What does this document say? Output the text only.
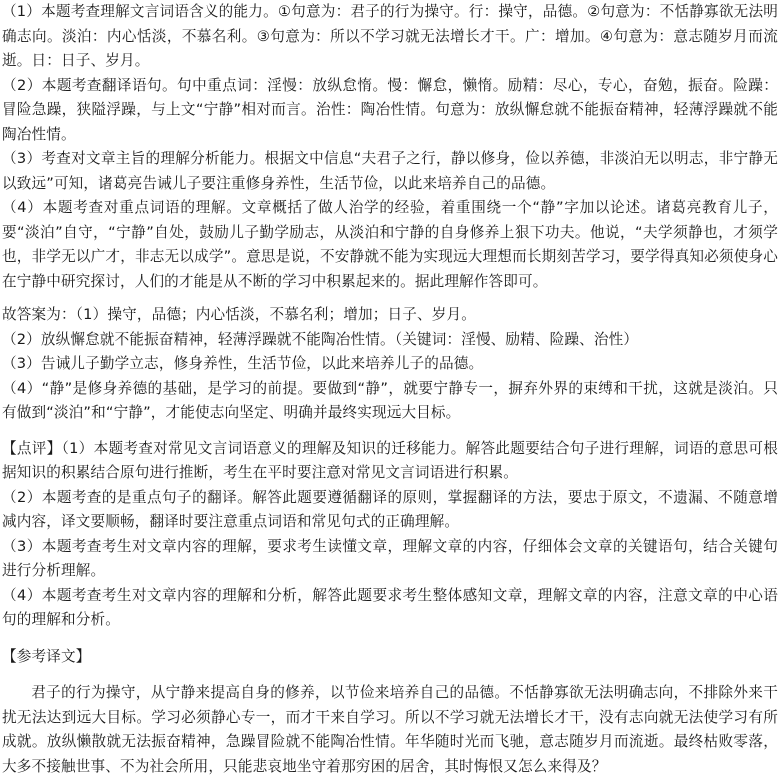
（1）本题考查理解文言词语含义的能力。①句意为：君子的行为操守。行：操守，品德。②句意为：不恬静寡欲无法明确志向。淡泊：内心恬淡，不慕名利。③句意为：所以不学习就无法增长才干。广：增加。④句意为：意志随岁月而流逝。日：日子、岁月。

（2）本题考查翻译语句。句中重点词：淫慢：放纵怠惰。慢：懈怠，懒惰。励精：尽心，专心，奋勉，振奋。险躁：冒险急躁，狭隘浮躁，与上文“宁静”相对而言。治性：陶冶性情。句意为：放纵懈怠就不能振奋精神，轻薄浮躁就不能陶冶性情。

（3）考查对文章主旨的理解分析能力。根据文中信息“夫君子之行，静以修身，俭以养德，非淡泊无以明志，非宁静无以致远”可知，诸葛亮告诫儿子要注重修身养性，生活节俭，以此来培养自己的品德。

（4）本题考查对重点词语的理解。文章概括了做人治学的经验，着重围绕一个“静”字加以论述。诸葛亮教育儿子，要“淡泊”自守，“宁静”自处，鼓励儿子勤学励志，从淡泊和宁静的自身修养上狠下功夫。他说，“夫学须静也，才须学也，非学无以广才，非志无以成学”。意思是说，不安静就不能为实现远大理想而长期刻苦学习，要学得真知必须使身心在宁静中研究探讨，人们的才能是从不断的学习中积累起来的。据此理解作答即可。

故答案为：（1）操守，品德；内心恬淡，不慕名利；增加；日子、岁月。

（2）放纵懈怠就不能振奋精神，轻薄浮躁就不能陶冶性情。（关键词：淫慢、励精、险躁、治性）

（3）告诫儿子勤学立志，修身养性，生活节俭，以此来培养儿子的品德。

（4）“静”是修身养德的基础，是学习的前提。要做到“静”，就要宁静专一，摒弃外界的束缚和干扰，这就是淡泊。只有做到“淡泊”和“宁静”，才能使志向坚定、明确并最终实现远大目标。

【点评】（1）本题考查对常见文言词语意义的理解及知识的迁移能力。解答此题要结合句子进行理解，词语的意思可根据知识的积累结合原句进行推断，考生在平时要注意对常见文言词语进行积累。

（2）本题考查的是重点句子的翻译。解答此题要遵循翻译的原则，掌握翻译的方法，要忠于原文，不遗漏、不随意增减内容，译文要顺畅，翻译时要注意重点词语和常见句式的正确理解。

（3）本题考查考生对文章内容的理解，要求考生读懂文章，理解文章的内容，仔细体会文章的关键语句，结合关键句进行分析理解。

（4）本题考查考生对文章内容的理解和分析，解答此题要求考生整体感知文章，理解文章的内容，注意文章的中心语句的理解和分析。

【参考译文】

君子的行为操守，从宁静来提高自身的修养，以节俭来培养自己的品德。不恬静寡欲无法明确志向，不排除外来干扰无法达到远大目标。学习必须静心专一，而才干来自学习。所以不学习就无法增长才干，没有志向就无法使学习有所成就。放纵懒散就无法振奋精神，急躁冒险就不能陶冶性情。年华随时光而飞驰，意志随岁月而流逝。最终枯败零落，大多不接触世事、不为社会所用，只能悲哀地坐守着那穷困的居舍，其时悔恨又怎么来得及？
